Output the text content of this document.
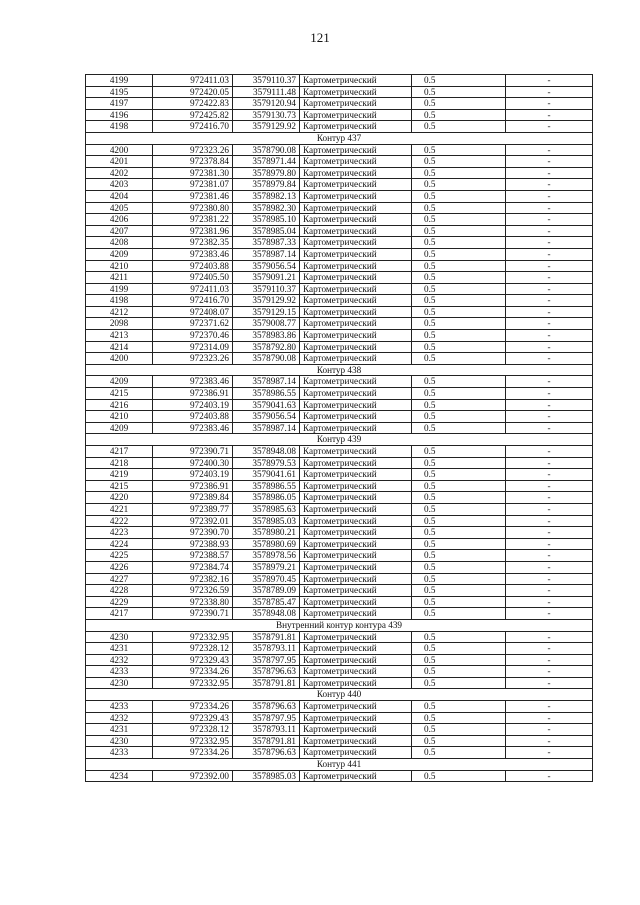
121
4199	972411.03	3579110.37	Картометрический	0.5	-
4195	972420.05	3579111.48	Картометрический	0.5	-
4197	972422.83	3579120.94	Картометрический	0.5	-
4196	972425.82	3579130.73	Картометрический	0.5	-
4198	972416.70	3579129.92	Картометрический	0.5	-
Контур 437					
4200	972323.26	3578790.08	Картометрический	0.5	-
4201	972378.84	3578971.44	Картометрический	0.5	-
4202	972381.30	3578979.80	Картометрический	0.5	-
4203	972381.07	3578979.84	Картометрический	0.5	-
4204	972381.46	3578982.13	Картометрический	0.5	-
4205	972380.80	3578982.30	Картометрический	0.5	-
4206	972381.22	3578985.10	Картометрический	0.5	-
4207	972381.96	3578985.04	Картометрический	0.5	-
4208	972382.35	3578987.33	Картометрический	0.5	-
4209	972383.46	3578987.14	Картометрический	0.5	-
4210	972403.88	3579056.54	Картометрический	0.5	-
4211	972405.50	3579091.21	Картометрический	0.5	-
4199	972411.03	3579110.37	Картометрический	0.5	-
4198	972416.70	3579129.92	Картометрический	0.5	-
4212	972408.07	3579129.15	Картометрический	0.5	-
2098	972371.62	3579008.77	Картометрический	0.5	-
4213	972370.46	3578983.86	Картометрический	0.5	-
4214	972314.09	3578792.80	Картометрический	0.5	-
4200	972323.26	3578790.08	Картометрический	0.5	-
Контур 438					
4209	972383.46	3578987.14	Картометрический	0.5	-
4215	972386.91	3578986.55	Картометрический	0.5	-
4216	972403.19	3579041.63	Картометрический	0.5	-
4210	972403.88	3579056.54	Картометрический	0.5	-
4209	972383.46	3578987.14	Картометрический	0.5	-
Контур 439					
4217	972390.71	3578948.08	Картометрический	0.5	-
4218	972400.30	3578979.53	Картометрический	0.5	-
4219	972403.19	3579041.61	Картометрический	0.5	-
4215	972386.91	3578986.55	Картометрический	0.5	-
4220	972389.84	3578986.05	Картометрический	0.5	-
4221	972389.77	3578985.63	Картометрический	0.5	-
4222	972392.01	3578985.03	Картометрический	0.5	-
4223	972390.70	3578980.21	Картометрический	0.5	-
4224	972388.93	3578980.69	Картометрический	0.5	-
4225	972388.57	3578978.56	Картометрический	0.5	-
4226	972384.74	3578979.21	Картометрический	0.5	-
4227	972382.16	3578970.45	Картометрический	0.5	-
4228	972326.59	3578789.09	Картометрический	0.5	-
4229	972338.80	3578785.47	Картометрический	0.5	-
4217	972390.71	3578948.08	Картометрический	0.5	-
Внутренний контур контура 439					
4230	972332.95	3578791.81	Картометрический	0.5	-
4231	972328.12	3578793.11	Картометрический	0.5	-
4232	972329.43	3578797.95	Картометрический	0.5	-
4233	972334.26	3578796.63	Картометрический	0.5	-
4230	972332.95	3578791.81	Картометрический	0.5	-
Контур 440					
4233	972334.26	3578796.63	Картометрический	0.5	-
4232	972329.43	3578797.95	Картометрический	0.5	-
4231	972328.12	3578793.11	Картометрический	0.5	-
4230	972332.95	3578791.81	Картометрический	0.5	-
4233	972334.26	3578796.63	Картометрический	0.5	-
Контур 441					
4234	972392.00	3578985.03	Картометрический	0.5	-
